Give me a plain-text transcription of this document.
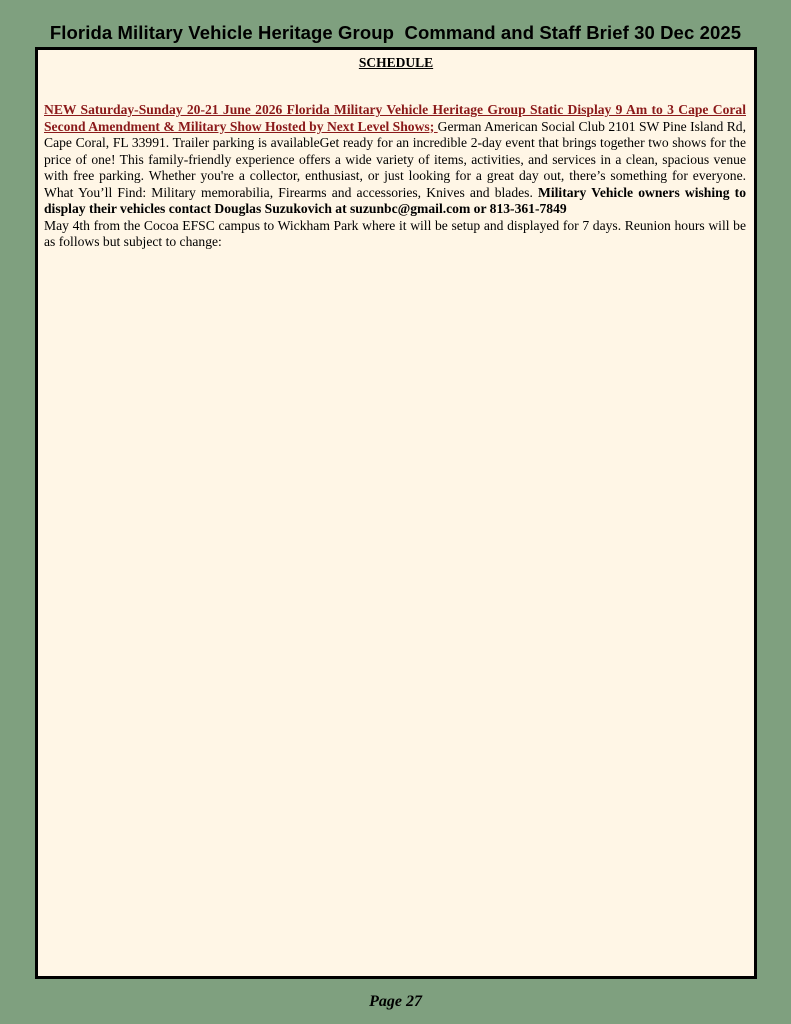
Florida Military Vehicle Heritage Group  Command and Staff Brief 30 Dec 2025
SCHEDULE

NEW Saturday-Sunday 20-21 June 2026 Florida Military Vehicle Heritage Group Static Display 9 Am to 3 Cape Coral Second Amendment & Military Show Hosted by Next Level Shows; German American Social Club 2101 SW Pine Island Rd, Cape Coral, FL 33991. Trailer parking is availableGet ready for an incredible 2-day event that brings together two shows for the price of one! This family-friendly experience offers a wide variety of items, activities, and services in a clean, spacious venue with free parking. Whether you're a collector, enthusiast, or just looking for a great day out, there’s something for everyone. What You’ll Find: Military memorabilia, Firearms and accessories, Knives and blades. Military Vehicle owners wishing to display their vehicles contact Douglas Suzukovich at suzunbc@gmail.com or 813-361-7849

May 4th from the Cocoa EFSC campus to Wickham Park where it will be setup and displayed for 7 days. Reunion hours will be as follows but subject to change:

Page 27
